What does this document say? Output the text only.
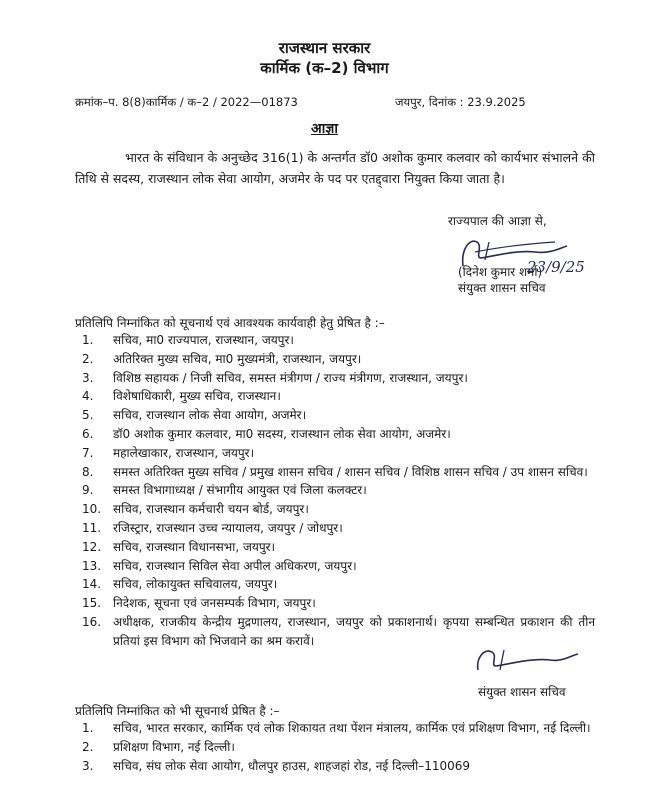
राजस्थान सरकार
कार्मिक (क–2) विभाग
क्रमांक–प. 8(8)कार्मिक / क–2 / 2022—01873	जयपुर, दिनांक : 23.9.2025
आज्ञा
भारत के संविधान के अनुच्छेद 316(1) के अन्तर्गत डॉ0 अशोक कुमार कलवार को कार्यभार संभालने की तिथि से सदस्य, राजस्थान लोक सेवा आयोग, अजमेर के पद पर एतद्द्वारा नियुक्त किया जाता है।
राज्यपाल की आज्ञा से,
(दिनेश कुमार शर्मा)
23/9/25
संयुक्त शासन सचिव
प्रतिलिपि निम्नांकित को सूचनार्थ एवं आवश्यक कार्यवाही हेतु प्रेषित है :–
1. सचिव, मा0 राज्यपाल, राजस्थान, जयपुर।
2. अतिरिक्त मुख्य सचिव, मा0 मुख्यमंत्री, राजस्थान, जयपुर।
3. विशिष्ठ सहायक / निजी सचिव, समस्त मंत्रीगण / राज्य मंत्रीगण, राजस्थान, जयपुर।
4. विशेषाधिकारी, मुख्य सचिव, राजस्थान।
5. सचिव, राजस्थान लोक सेवा आयोग, अजमेर।
6. डॉ0 अशोक कुमार कलवार, मा0 सदस्य, राजस्थान लोक सेवा आयोग, अजमेर।
7. महालेखाकार, राजस्थान, जयपुर।
8. समस्त अतिरिक्त मुख्य सचिव / प्रमुख शासन सचिव / शासन सचिव / विशिष्ठ शासन सचिव / उप शासन सचिव।
9. समस्त विभागाध्यक्ष / संभागीय आयुक्त एवं जिला कलक्टर।
10. सचिव, राजस्थान कर्मचारी चयन बोर्ड, जयपुर।
11. रजिस्ट्रार, राजस्थान उच्च न्यायालय, जयपुर / जोधपुर।
12. सचिव, राजस्थान विधानसभा, जयपुर।
13. सचिव, राजस्थान सिविल सेवा अपील अधिकरण, जयपुर।
14. सचिव, लोकायुक्त सचिवालय, जयपुर।
15. निदेशक, सूचना एवं जनसम्पर्क विभाग, जयपुर।
16. अधीक्षक, राजकीय केन्द्रीय मुद्रणालय, राजस्थान, जयपुर को प्रकाशनार्थ। कृपया सम्बन्धित प्रकाशन की तीन प्रतियां इस विभाग को भिजवाने का श्रम करावें।
संयुक्त शासन सचिव
प्रतिलिपि निम्नांकित को भी सूचनार्थ प्रेषित है :–
1. सचिव, भारत सरकार, कार्मिक एवं लोक शिकायत तथा पेंशन मंत्रालय, कार्मिक एवं प्रशिक्षण विभाग, नई दिल्ली।
2. प्रशिक्षण विभाग, नई दिल्ली।
3. सचिव, संघ लोक सेवा आयोग, धौलपुर हाउस, शाहजहां रोड, नई दिल्ली–110069
